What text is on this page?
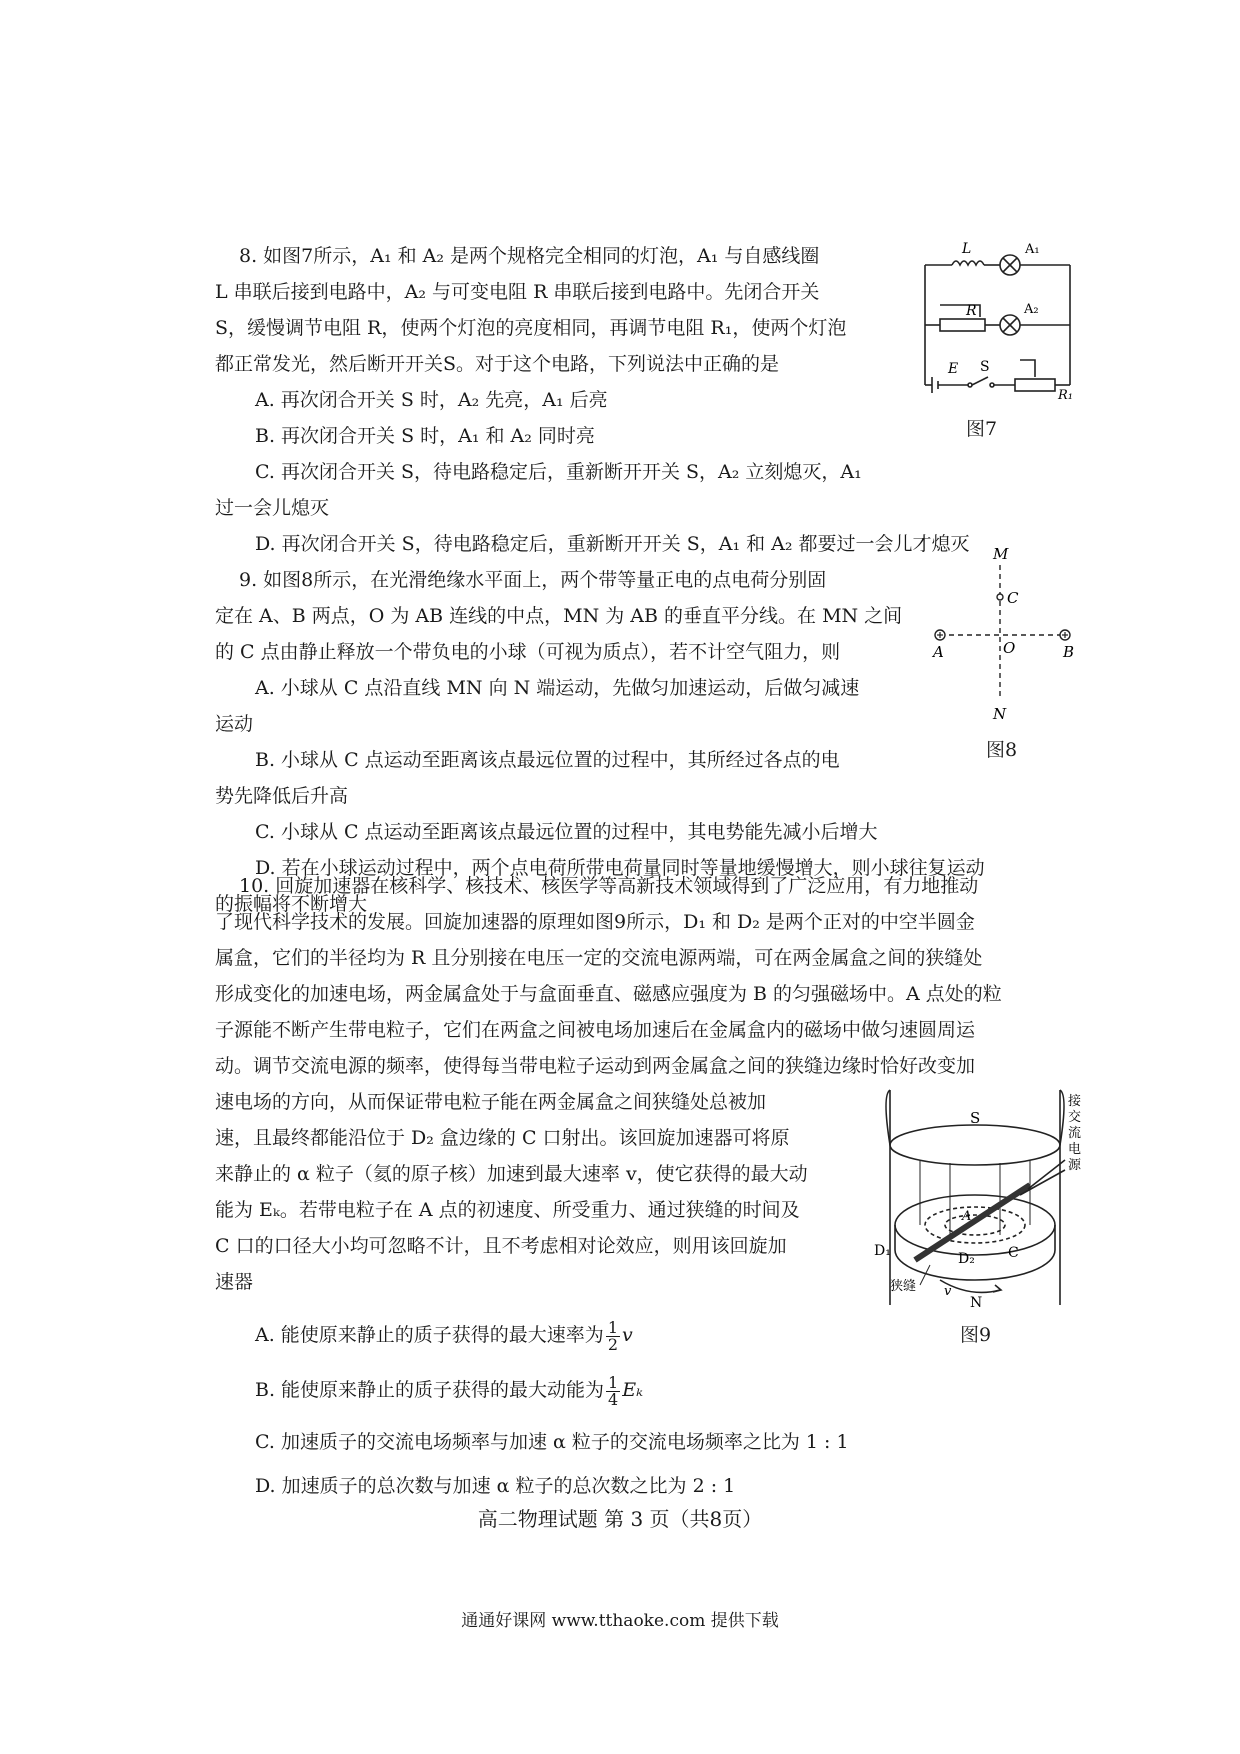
8. 如图7所示，A₁ 和 A₂ 是两个规格完全相同的灯泡，A₁ 与自感线圈
L 串联后接到电路中，A₂ 与可变电阻 R 串联后接到电路中。先闭合开关
S，缓慢调节电阻 R，使两个灯泡的亮度相同，再调节电阻 R₁，使两个灯泡
都正常发光，然后断开开关S。对于这个电路，下列说法中正确的是
A. 再次闭合开关 S 时，A₂ 先亮，A₁ 后亮
B. 再次闭合开关 S 时，A₁ 和 A₂ 同时亮
C. 再次闭合开关 S，待电路稳定后，重新断开开关 S，A₂ 立刻熄灭，A₁
过一会儿熄灭
D. 再次闭合开关 S，待电路稳定后，重新断开开关 S，A₁ 和 A₂ 都要过一会儿才熄灭
L	A₁
R	A₂
E S
R₁
图7
9. 如图8所示，在光滑绝缘水平面上，两个带等量正电的点电荷分别固
定在 A、B 两点，O 为 AB 连线的中点，MN 为 AB 的垂直平分线。在 MN 之间
的 C 点由静止释放一个带负电的小球（可视为质点），若不计空气阻力，则
A. 小球从 C 点沿直线 MN 向 N 端运动，先做匀加速运动，后做匀减速
运动
B. 小球从 C 点运动至距离该点最远位置的过程中，其所经过各点的电
势先降低后升高
C. 小球从 C 点运动至距离该点最远位置的过程中，其电势能先减小后增大
D. 若在小球运动过程中，两个点电荷所带电荷量同时等量地缓慢增大，则小球往复运动
的振幅将不断增大
M
C
A	O	B
N
图8
10. 回旋加速器在核科学、核技术、核医学等高新技术领域得到了广泛应用，有力地推动
了现代科学技术的发展。回旋加速器的原理如图9所示，D₁ 和 D₂ 是两个正对的中空半圆金
属盒，它们的半径均为 R 且分别接在电压一定的交流电源两端，可在两金属盒之间的狭缝处
形成变化的加速电场，两金属盒处于与盒面垂直、磁感应强度为 B 的匀强磁场中。A 点处的粒
子源能不断产生带电粒子，它们在两盒之间被电场加速后在金属盒内的磁场中做匀速圆周运
动。调节交流电源的频率，使得每当带电粒子运动到两金属盒之间的狭缝边缘时恰好改变加
速电场的方向，从而保证带电粒子能在两金属盒之间狭缝处总被加
速，且最终都能沿位于 D₂ 盒边缘的 C 口射出。该回旋加速器可将原
来静止的 α 粒子（氦的原子核）加速到最大速率 v，使它获得的最大动
能为 Eₖ。若带电粒子在 A 点的初速度、所受重力、通过狭缝的时间及
C 口的口径大小均可忽略不计，且不考虑相对论效应，则用该回旋加
速器
A. 能使原来静止的质子获得的最大速率为 $\frac{1}{2}$ v
B. 能使原来静止的质子获得的最大动能为 $\frac{1}{4}$ Eₖ
C. 加速质子的交流电场频率与加速 α 粒子的交流电场频率之比为 1 : 1
D. 加速质子的总次数与加速 α 粒子的总次数之比为 2 : 1
S
接
交
流
电
源
A
D₁	D₂ C
狭缝 v
N
图9
高二物理试题 第 3 页（共8页）
通通好课网 www.tthaoke.com 提供下载
